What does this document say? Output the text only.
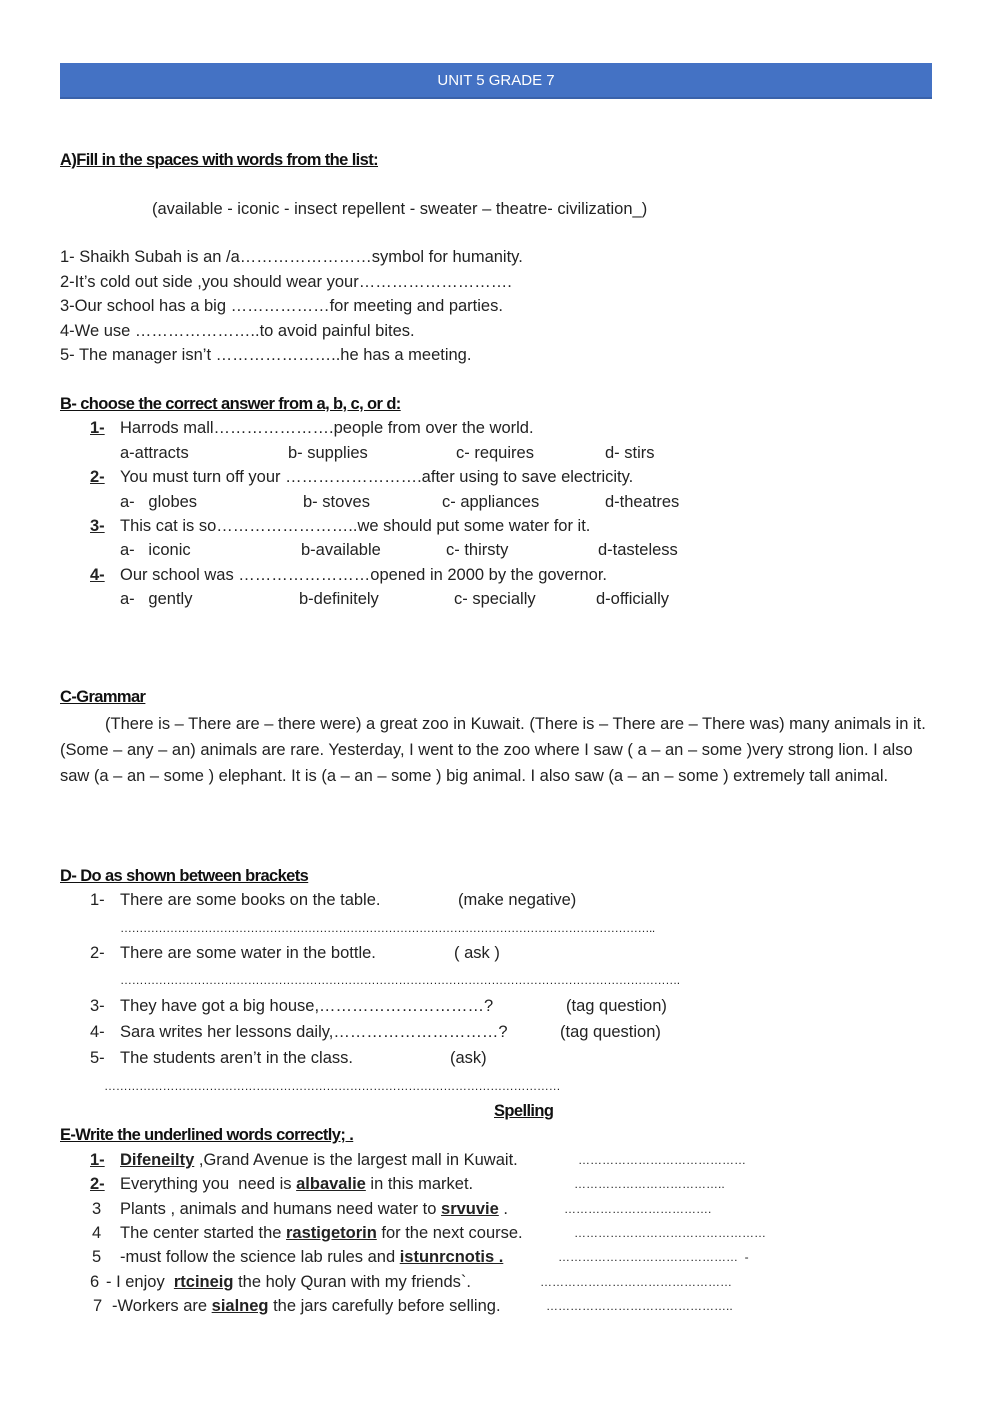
UNIT 5 GRADE 7
A)Fill in the spaces with words from the list:
(available - iconic - insect repellent - sweater – theatre- civilization_)
1- Shaikh Subah is an /a……………………symbol for humanity.
2-It’s cold out side ,you should wear your……………………….
3-Our school has a big ………………for meeting and parties.
4-We use …………………..to avoid painful bites.
5- The manager isn’t …………………..he has a meeting.
B- choose the correct answer from a, b, c, or d:
1- Harrods mall………………….people from over the world.
a-attracts	b- supplies	c- requires	d- stirs
2- You must turn off your …………………….after using to save electricity.
a-   globes	b- stoves	c- appliances	d-theatres
3- This cat is so……………………..we should put some water for it.
a-   iconic	b-available	c- thirsty	d-tasteless
4- Our school was ……………………opened in 2000 by the governor.
a-   gently	b-definitely	c- specially	d-officially
C-Grammar
(There is – There are – there were) a great zoo in Kuwait. (There is – There are – There was) many animals in it. (Some – any – an) animals are rare. Yesterday, I went to the zoo where I saw ( a – an – some )very strong lion. I also saw (a – an – some ) elephant. It is (a – an – some ) big animal. I also saw (a – an – some ) extremely tall animal.
D- Do as shown between brackets
1- There are some books on the table.	(make negative)
…………………………………………………………………………………………………………………………..
2- There are some water in the bottle.	( ask )
……………………………………………………………………………………………………………………………….
3- They have got a big house,…………………………?	(tag question)
4- Sara writes her lessons daily,…………………………?	(tag question)
5- The students aren’t in the class.	(ask)
………………………………………………………………………………………………………
Spelling
E-Write the underlined words correctly; .
1- Difeneilty ,Grand Avenue is the largest mall in Kuwait.	……………………………………
2- Everything you  need is albavalie in this market.	………………………………..
3 Plants , animals and humans need water to srvuvie .	……………………………….
4 The center started the rastigetorin for the next course.	…………………………………………
5 -must follow the science lab rules and istunrcnotis .	………………………………………  -
6 - I enjoy  rtcineig the holy Quran with my friends`.	…………………………………………
7 -Workers are sialneg the jars carefully before selling.	………………………………………..
